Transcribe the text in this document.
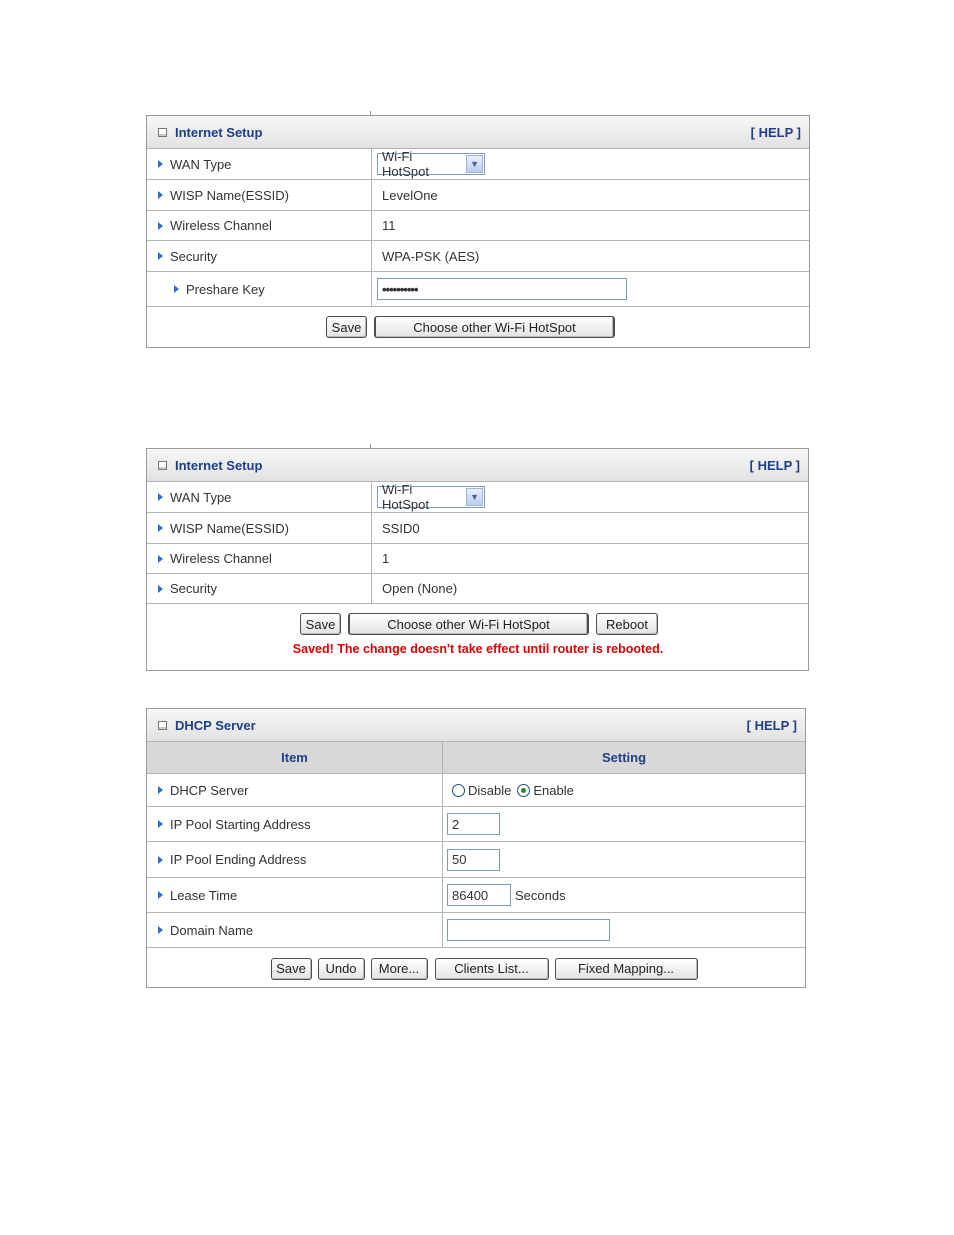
Internet Setup	[ HELP ]
WAN Type	Wi-Fi HotSpot	▼
WISP Name(ESSID)	LevelOne
Wireless Channel	11
Security	WPA-PSK (AES)
Preshare Key	••••••••••
Save	Choose other Wi-Fi HotSpot
Internet Setup	[ HELP ]
WAN Type	Wi-Fi HotSpot	▼
WISP Name(ESSID)	SSID0
Wireless Channel	1
Security	Open (None)
Save	Choose other Wi-Fi HotSpot	Reboot
Saved! The change doesn't take effect until router is rebooted.
DHCP Server	[ HELP ]
Item	Setting
DHCP Server	Disable Enable
IP Pool Starting Address	2
IP Pool Ending Address	50
Lease Time	86400	Seconds
Domain Name
Save	Undo	More...	Clients List...	Fixed Mapping...
